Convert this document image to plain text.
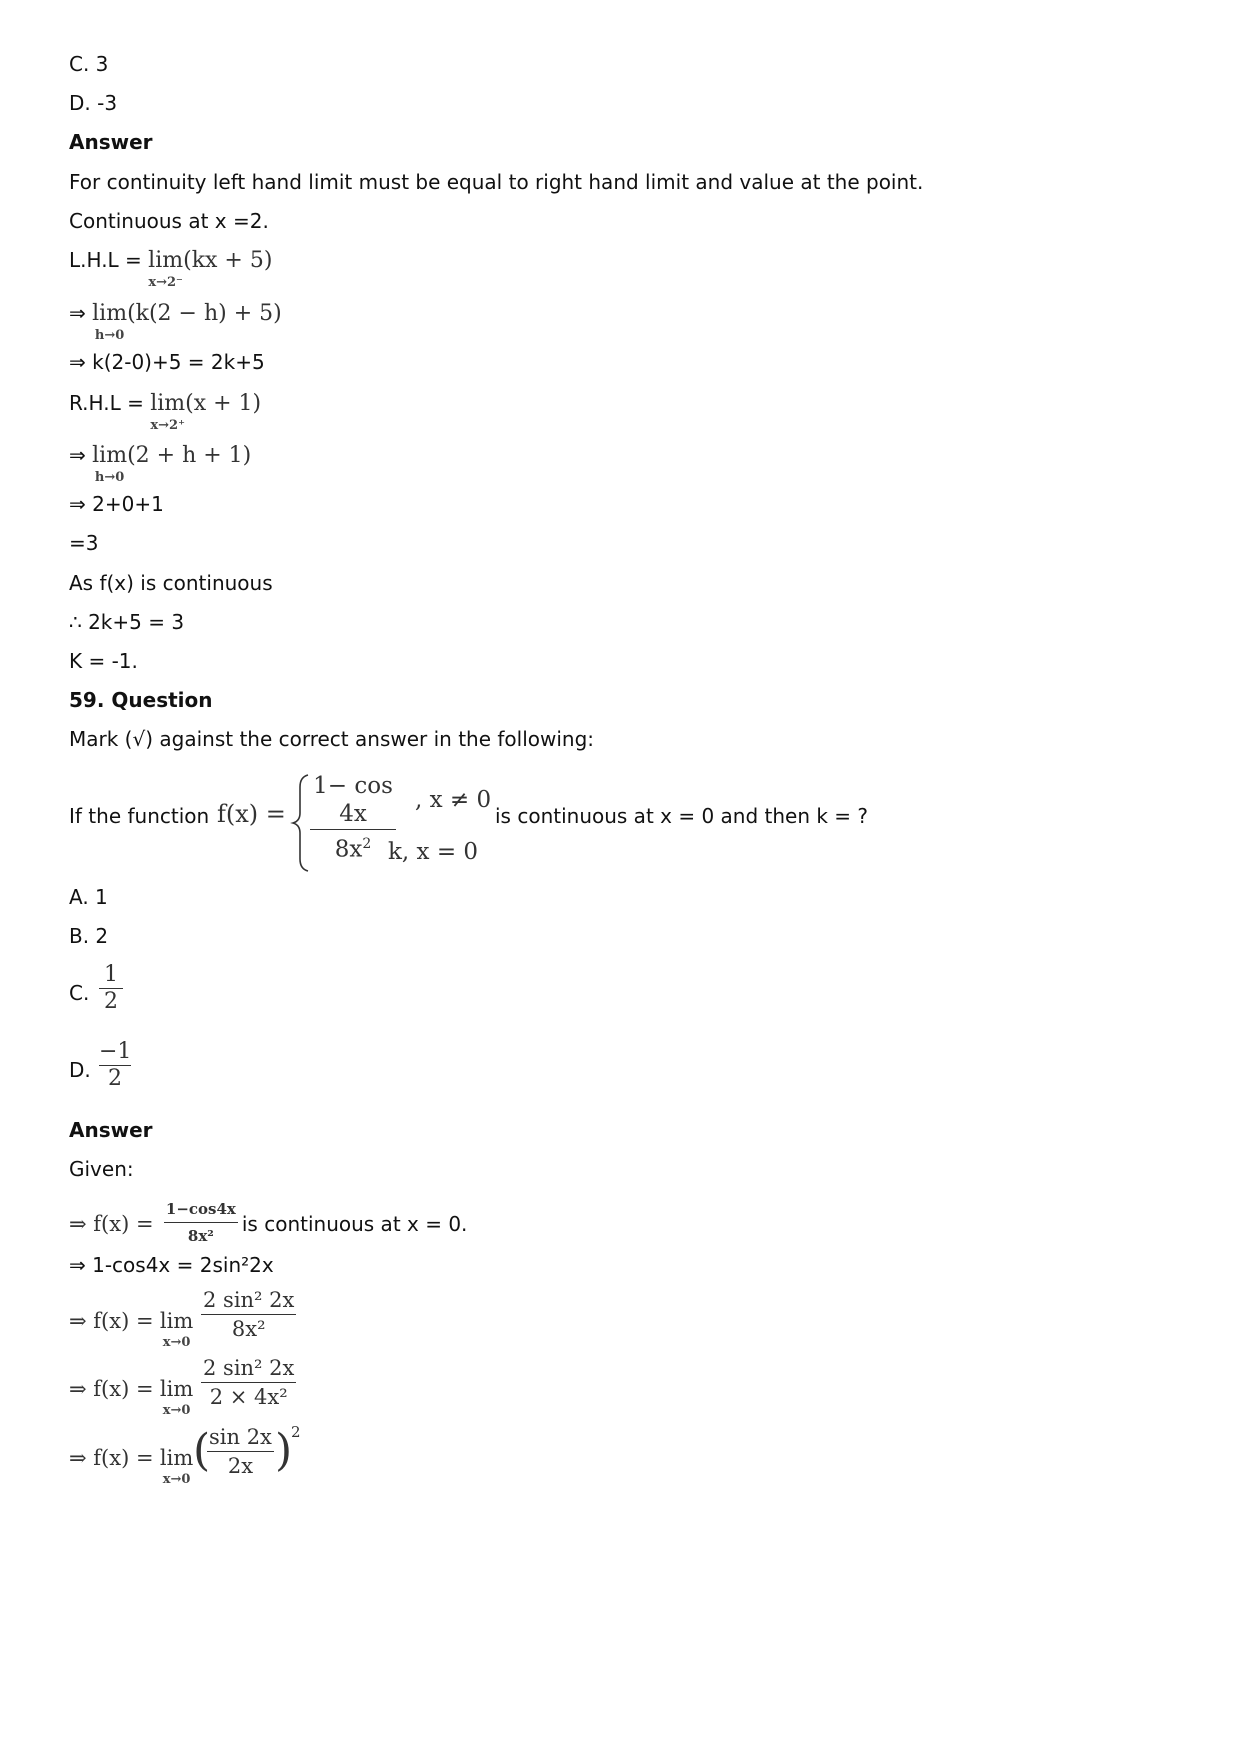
C. 3
D. -3
Answer
For continuity left hand limit must be equal to right hand limit and value at the point.
Continuous at x =2.
L.H.L = lim
x→2⁻
(kx + 5)
⇒ lim
h→0
(k(2 − h) + 5)
⇒ k(2-0)+5 = 2k+5
R.H.L = lim
x→2⁺
(x + 1)
⇒ lim
h→0
(2 + h + 1)
⇒ 2+0+1
=3
As f(x) is continuous
∴ 2k+5 = 3
K = -1.
59. Question
Mark (√) against the correct answer in the following:
If the function f(x) =
1− cos 4x
$8x^2$
, x ≠ 0
k, x = 0
is continuous at x = 0 and then k = ?
A. 1
B. 2
C.
1
2
D.
−1
2
Answer
Given:
⇒ $f(x) = \frac{1-\cos 4x}{\text{8x²}}$ is continuous at x = 0.
⇒ 1-cos4x = 2sin²2x
⇒ f(x) = lim
$x\to 0 \frac{\text{2 sin² 2x}}{\text{8x²}}$
⇒ f(x) = lim
$x\to 0 \frac{\text{2 sin² 2x}}{\text{2 × 4x²}}$
⇒ f(x) = lim
x→0
(
$\frac{\sin 2x}{2x}$ )
2
